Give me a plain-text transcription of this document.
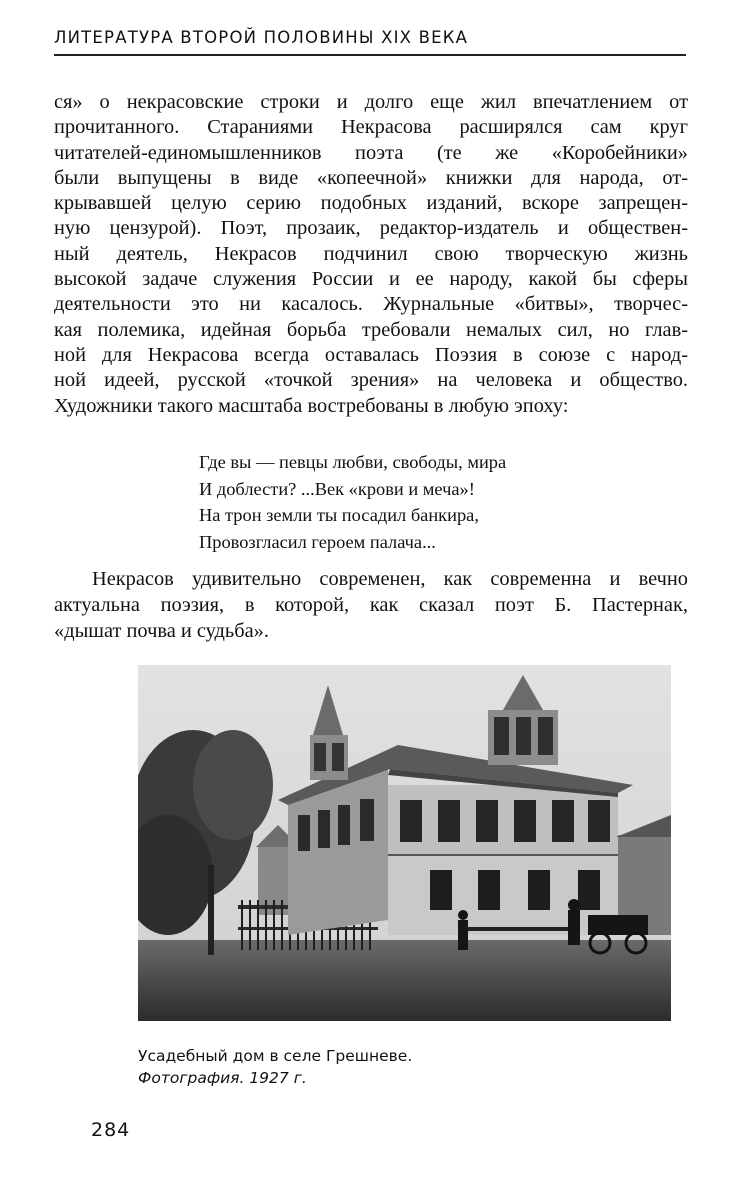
ЛИТЕРАТУРА ВТОРОЙ ПОЛОВИНЫ XIX ВЕКА
ся» о некрасовские строки и долго еще жил впечатлением от
прочитанного. Стараниями Некрасова расширялся сам круг
читателей-единомышленников поэта (те же «Коробейники»
были выпущены в виде «копеечной» книжки для народа, от-
крывавшей целую серию подобных изданий, вскоре запрещен-
ную цензурой). Поэт, прозаик, редактор-издатель и обществен-
ный деятель, Некрасов подчинил свою творческую жизнь
высокой задаче служения России и ее народу, какой бы сферы
деятельности это ни касалось. Журнальные «битвы», творчес-
кая полемика, идейная борьба требовали немалых сил, но глав-
ной для Некрасова всегда оставалась Поэзия в союзе с народ-
ной идеей, русской «точкой зрения» на человека и общество.
Художники такого масштаба востребованы в любую эпоху:
Где вы — певцы любви, свободы, мира
И доблести? ...Век «крови и меча»!
На трон земли ты посадил банкира,
Провозгласил героем палача...
Некрасов удивительно современен, как современна и вечно
актуальна поэзия, в которой, как сказал поэт Б. Пастернак,
«дышат почва и судьба».
Усадебный дом в селе Грешневе.
Фотография. 1927 г.
284
